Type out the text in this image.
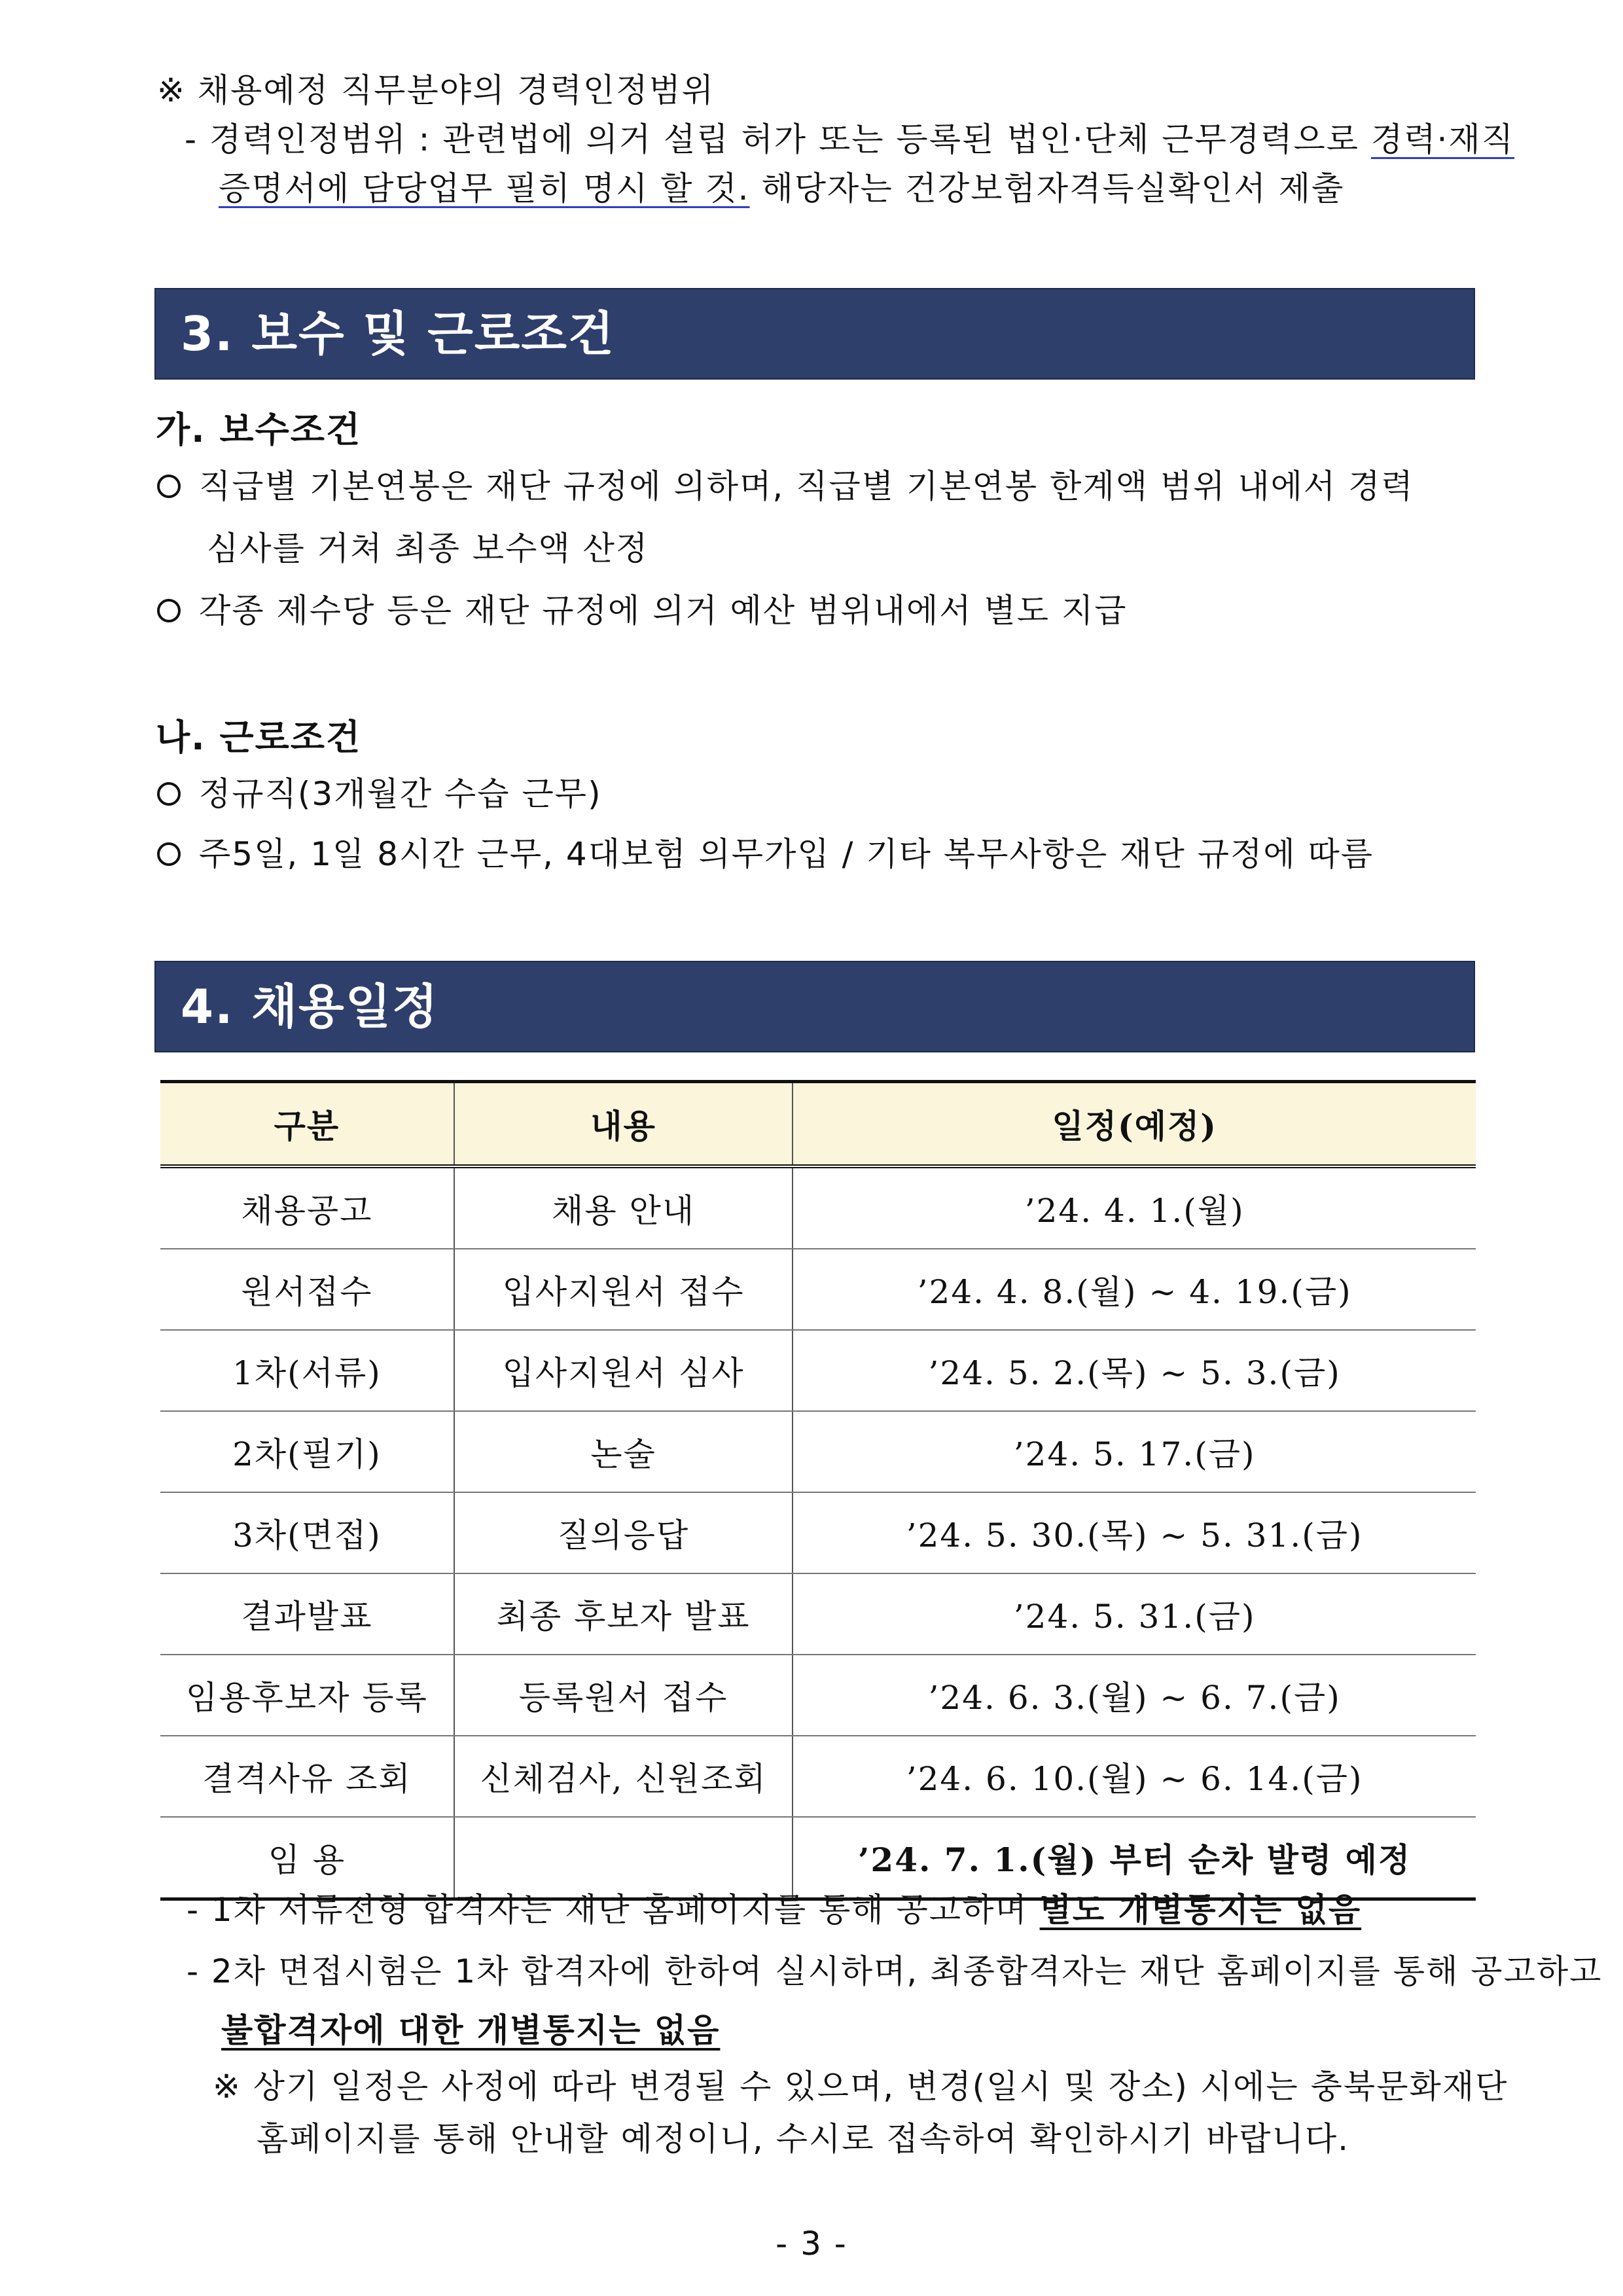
※ 채용예정 직무분야의 경력인정범위
- 경력인정범위 : 관련법에 의거 설립 허가 또는 등록된 법인·단체 근무경력으로 경력·재직
증명서에 담당업무 필히 명시 할 것. 해당자는 건강보험자격득실확인서 제출
3. 보수 및 근로조건
가. 보수조건
직급별 기본연봉은 재단 규정에 의하며, 직급별 기본연봉 한계액 범위 내에서 경력
심사를 거쳐 최종 보수액 산정
각종 제수당 등은 재단 규정에 의거 예산 범위내에서 별도 지급
나. 근로조건
정규직(3개월간 수습 근무)
주5일, 1일 8시간 근무, 4대보험 의무가입 / 기타 복무사항은 재단 규정에 따름
4. 채용일정
구분	내용	일정(예정)
채용공고	채용 안내	’24. 4. 1.(월)
원서접수	입사지원서 접수	’24. 4. 8.(월) ~ 4. 19.(금)
1차(서류)	입사지원서 심사	’24. 5. 2.(목) ~ 5. 3.(금)
2차(필기)	논술	’24. 5. 17.(금)
3차(면접)	질의응답	’24. 5. 30.(목) ~ 5. 31.(금)
결과발표	최종 후보자 발표	’24. 5. 31.(금)
임용후보자 등록	등록원서 접수	’24. 6. 3.(월) ~ 6. 7.(금)
결격사유 조회	신체검사, 신원조회	’24. 6. 10.(월) ~ 6. 14.(금)
임 용		’24. 7. 1.(월) 부터 순차 발령 예정
- 1차 서류전형 합격자는 재단 홈페이지를 통해 공고하며 별도 개별통지는 없음
- 2차 면접시험은 1차 합격자에 한하여 실시하며, 최종합격자는 재단 홈페이지를 통해 공고하고
불합격자에 대한 개별통지는 없음
※ 상기 일정은 사정에 따라 변경될 수 있으며, 변경(일시 및 장소) 시에는 충북문화재단
홈페이지를 통해 안내할 예정이니, 수시로 접속하여 확인하시기 바랍니다.
- 3 -
